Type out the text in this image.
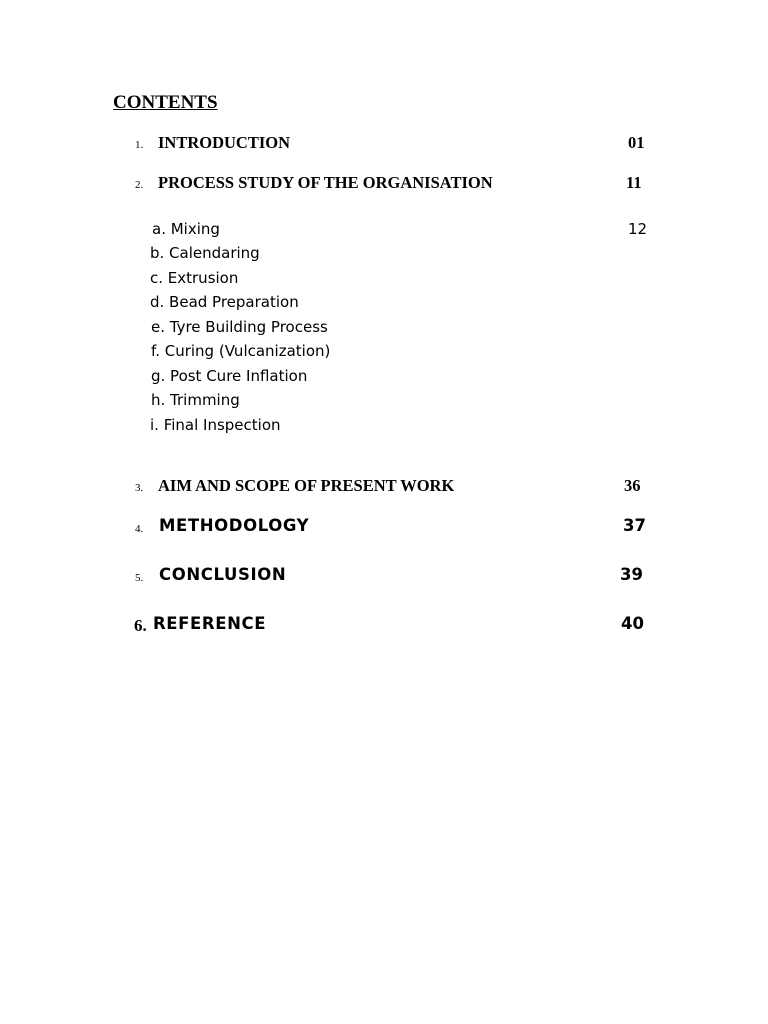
CONTENTS
1. INTRODUCTION	01
2. PROCESS STUDY OF THE ORGANISATION	11
a. Mixing	12
b. Calendaring
c. Extrusion
d. Bead Preparation
e. Tyre Building Process
f. Curing (Vulcanization)
g. Post Cure Inflation
h. Trimming
i. Final Inspection
3. AIM AND SCOPE OF PRESENT WORK	36
4. METHODOLOGY	37
5. CONCLUSION	39
6. REFERENCE	40
